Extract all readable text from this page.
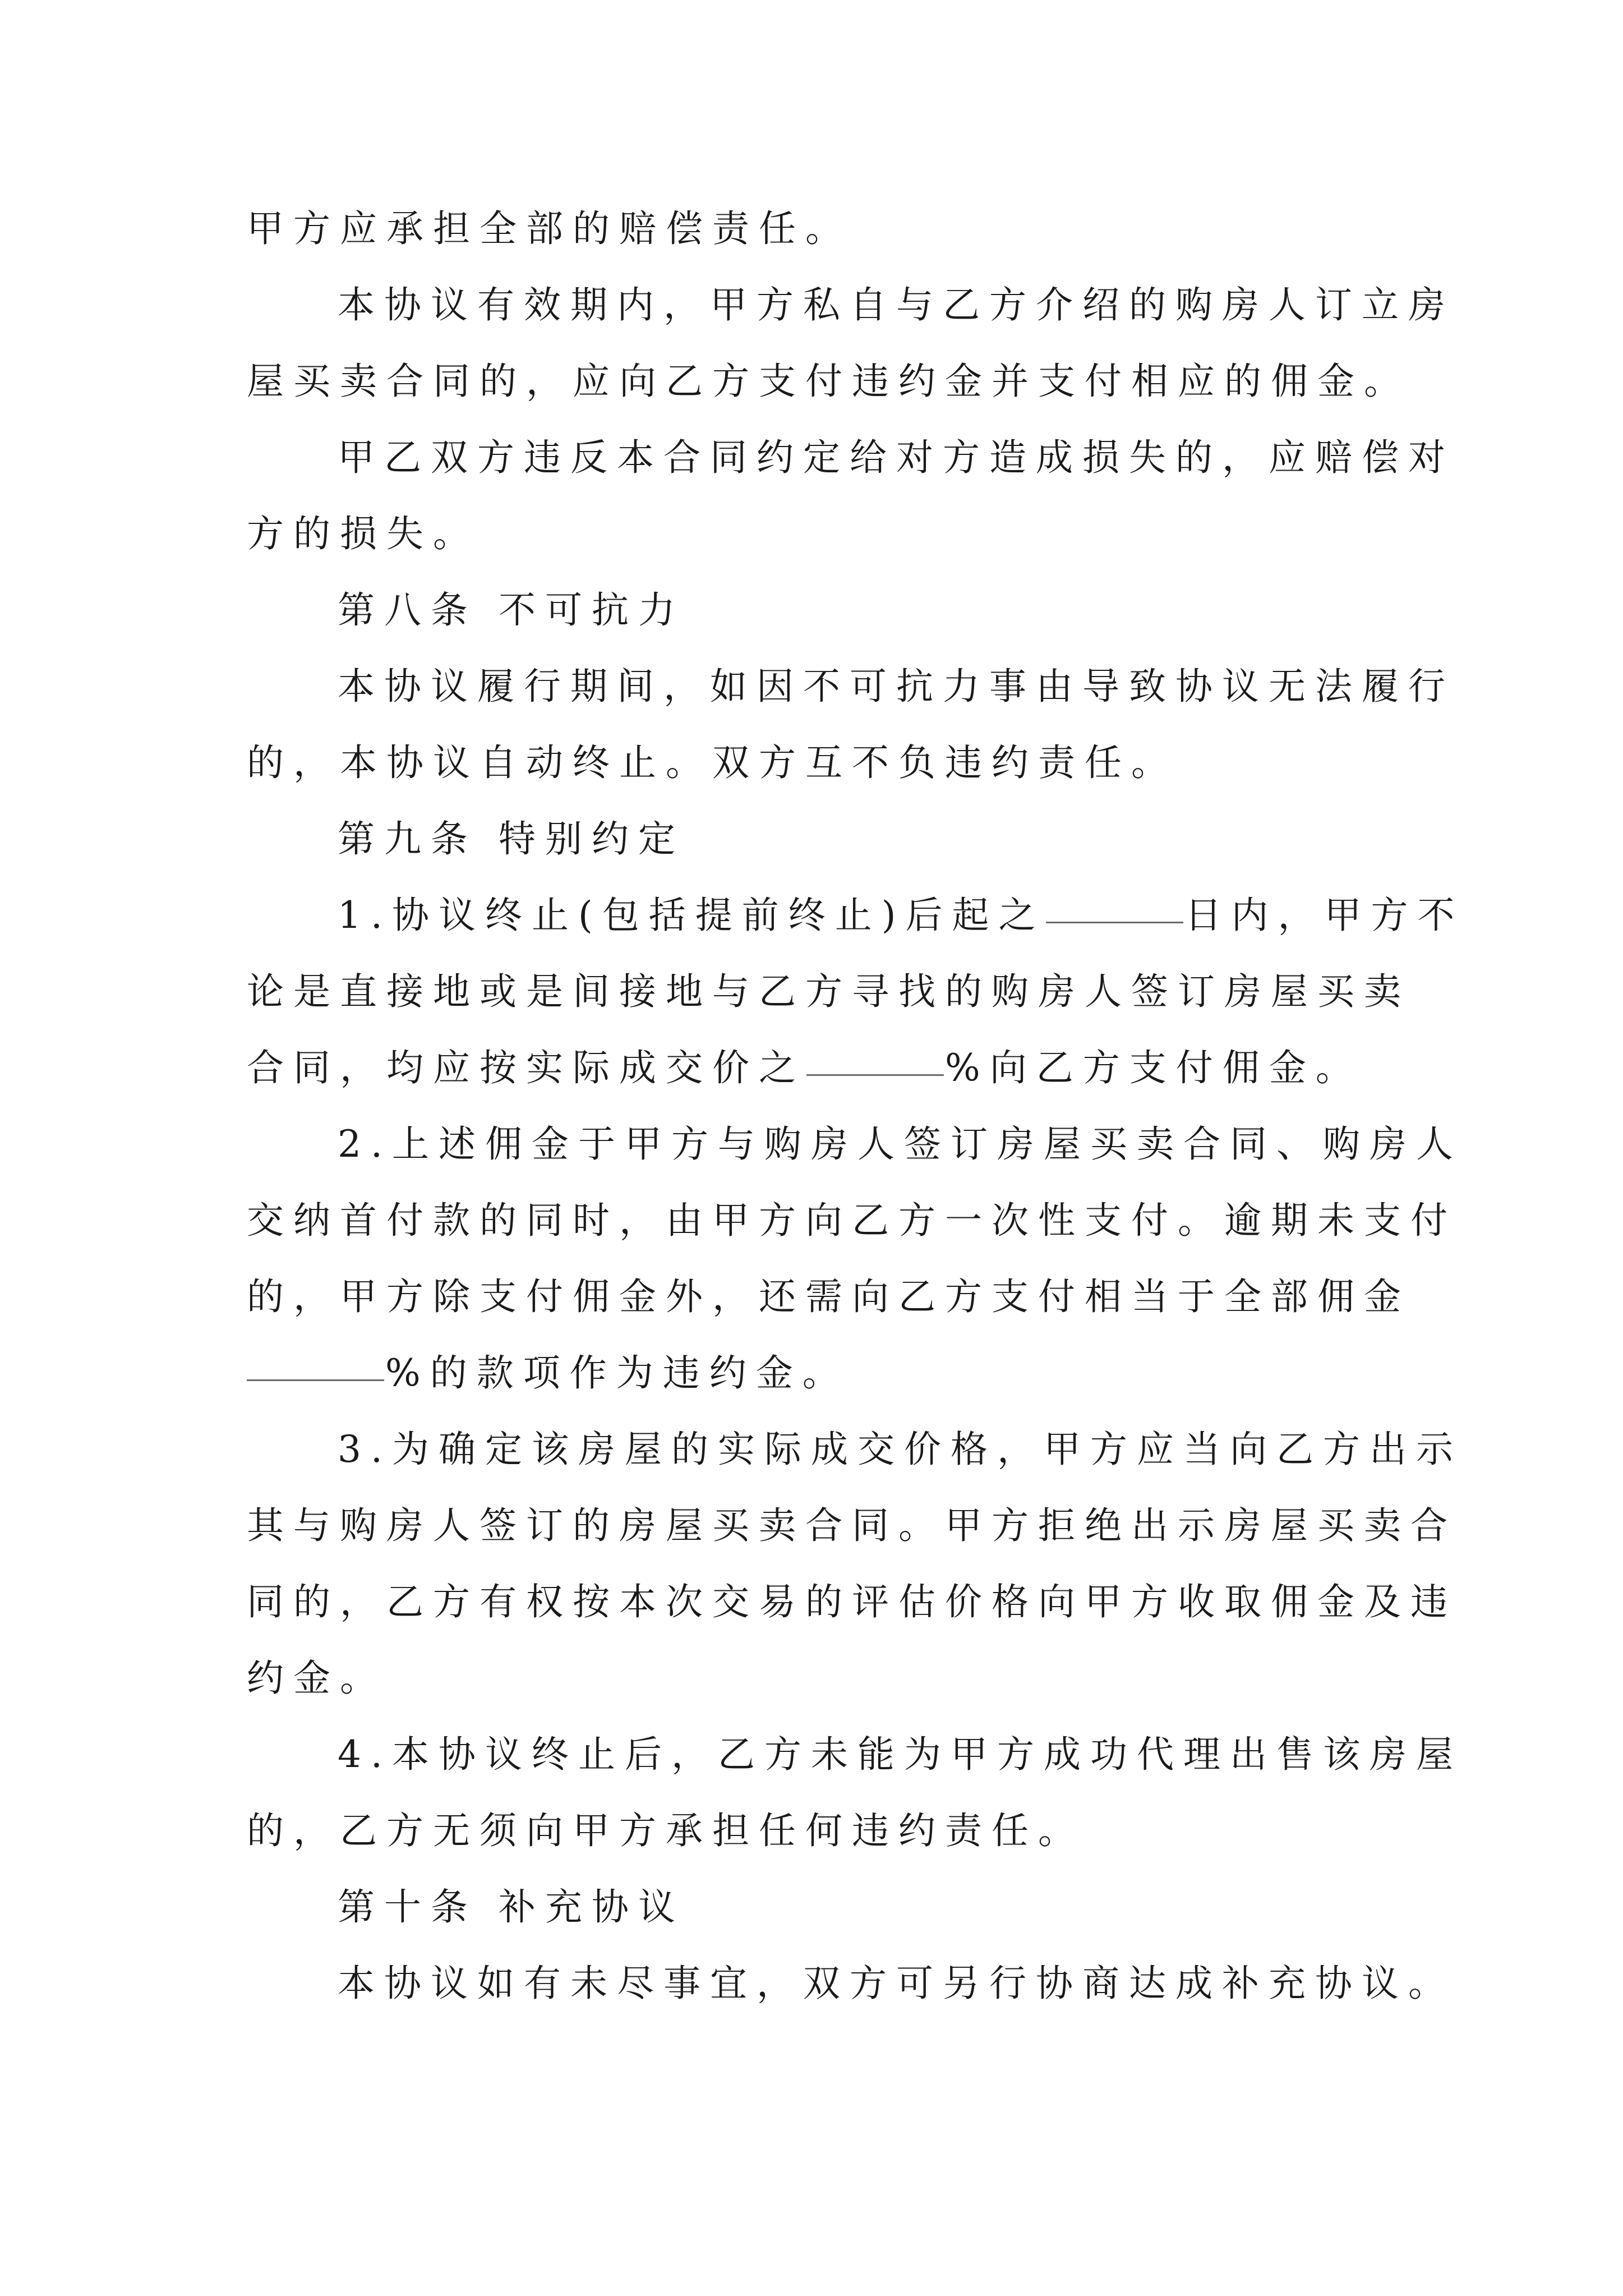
甲方应承担全部的赔偿责任。
本协议有效期内，甲方私自与乙方介绍的购房人订立房
屋买卖合同的，应向乙方支付违约金并支付相应的佣金。
甲乙双方违反本合同约定给对方造成损失的，应赔偿对
方的损失。
第八条 不可抗力
本协议履行期间，如因不可抗力事由导致协议无法履行
的，本协议自动终止。双方互不负违约责任。
第九条 特别约定
1.协议终止(包括提前终止)后起之	日内，甲方不
论是直接地或是间接地与乙方寻找的购房人签订房屋买卖
合同，均应按实际成交价之	%向乙方支付佣金。
2.上述佣金于甲方与购房人签订房屋买卖合同、购房人
交纳首付款的同时，由甲方向乙方一次性支付。逾期未支付
的，甲方除支付佣金外，还需向乙方支付相当于全部佣金
%的款项作为违约金。
3.为确定该房屋的实际成交价格，甲方应当向乙方出示
其与购房人签订的房屋买卖合同。甲方拒绝出示房屋买卖合
同的，乙方有权按本次交易的评估价格向甲方收取佣金及违
约金。
4.本协议终止后，乙方未能为甲方成功代理出售该房屋
的，乙方无须向甲方承担任何违约责任。
第十条 补充协议
本协议如有未尽事宜，双方可另行协商达成补充协议。
